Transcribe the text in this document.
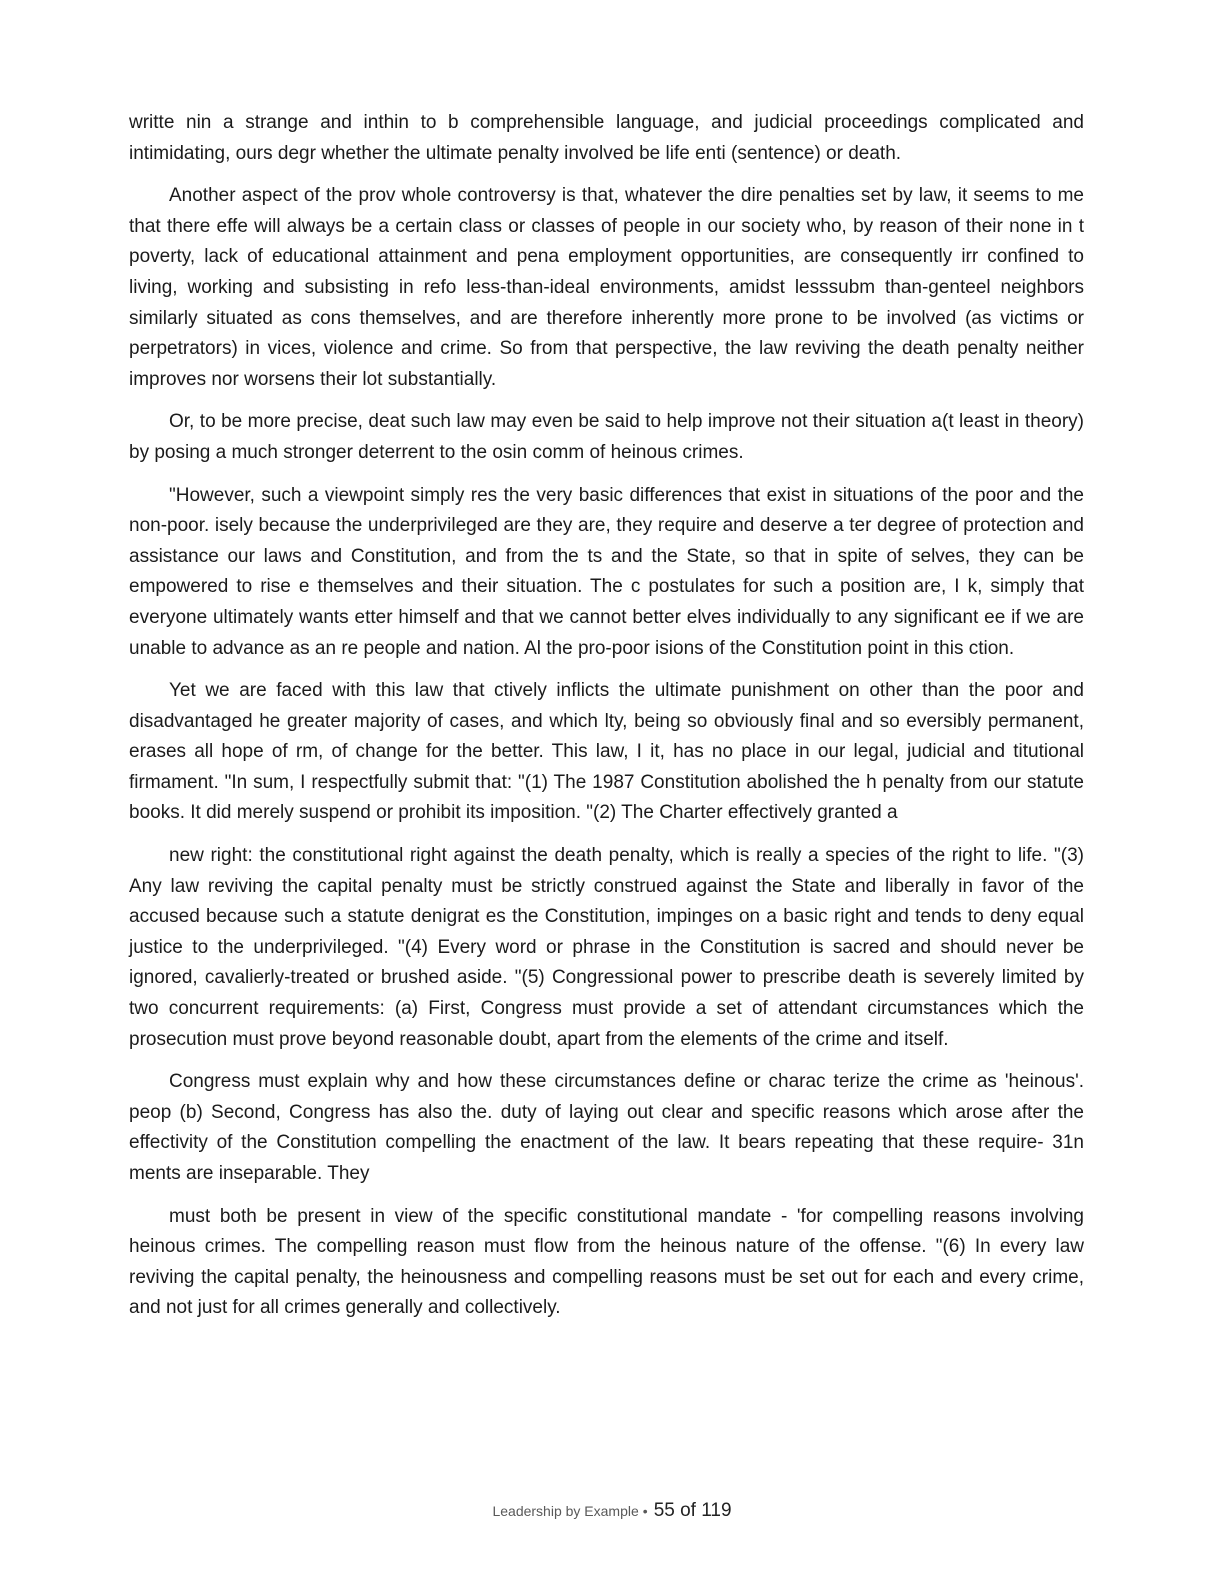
writte nin a strange and inthin to b comprehensible language, and judicial proceedings complicated and intimidating, ours degr whether the ultimate penalty involved be life enti (sentence) or death.

Another aspect of the prov whole controversy is that, whatever the dire penalties set by law, it seems to me that there effe will always be a certain class or classes of people in our society who, by reason of their none in t poverty, lack of educational attainment and pena employment opportunities, are consequently irr confined to living, working and subsisting in refo less-than-ideal environments, amidst lesssubm than-genteel neighbors similarly situated as cons themselves, and are therefore inherently more prone to be involved (as victims or perpetrators) in vices, violence and crime. So from that perspective, the law reviving the death penalty neither improves nor worsens their lot substantially.

Or, to be more precise, deat such law may even be said to help improve not their situation a(t least in theory) by posing a much stronger deterrent to the osin comm of heinous crimes.

"However, such a viewpoint simply res the very basic differences that exist in situations of the poor and the non-poor. isely because the underprivileged are they are, they require and deserve a ter degree of protection and assistance our laws and Constitution, and from the ts and the State, so that in spite of selves, they can be empowered to rise e themselves and their situation. The c postulates for such a position are, I k, simply that everyone ultimately wants etter himself and that we cannot better elves individually to any significant ee if we are unable to advance as an re people and nation. Al the pro-poor isions of the Constitution point in this ction.

Yet we are faced with this law that ctively inflicts the ultimate punishment on other than the poor and disadvantaged he greater majority of cases, and which lty, being so obviously final and so eversibly permanent, erases all hope of rm, of change for the better. This law, I it, has no place in our legal, judicial and titutional firmament. "In sum, I respectfully submit that: "(1) The 1987 Constitution abolished the h penalty from our statute books. It did merely suspend or prohibit its imposition. "(2) The Charter effectively granted a

new right: the constitutional right against the death penalty, which is really a species of the right to life. "(3) Any law reviving the capital penalty must be strictly construed against the State and liberally in favor of the accused because such a statute denigrat es the Constitution, impinges on a basic right and tends to deny equal justice to the underprivileged. "(4) Every word or phrase in the Constitution is sacred and should never be ignored, cavalierly-treated or brushed aside. "(5) Congressional power to prescribe death is severely limited by two concurrent requirements: (a) First, Congress must provide a set of attendant circumstances which the prosecution must prove beyond reasonable doubt, apart from the elements of the crime and itself.

Congress must explain why and how these circumstances define or charac terize the crime as 'heinous'. peop (b) Second, Congress has also the. duty of laying out clear and specific reasons which arose after the effectivity of the Constitution compelling the enactment of the law. It bears repeating that these require- 31n ments are inseparable. They

must both be present in view of the specific constitutional mandate - 'for compelling reasons involving heinous crimes. The compelling reason must flow from the heinous nature of the offense. "(6) In every law reviving the capital penalty, the heinousness and compelling reasons must be set out for each and every crime, and not just for all crimes generally and collectively.

Leadership by Example • 55 of 119
